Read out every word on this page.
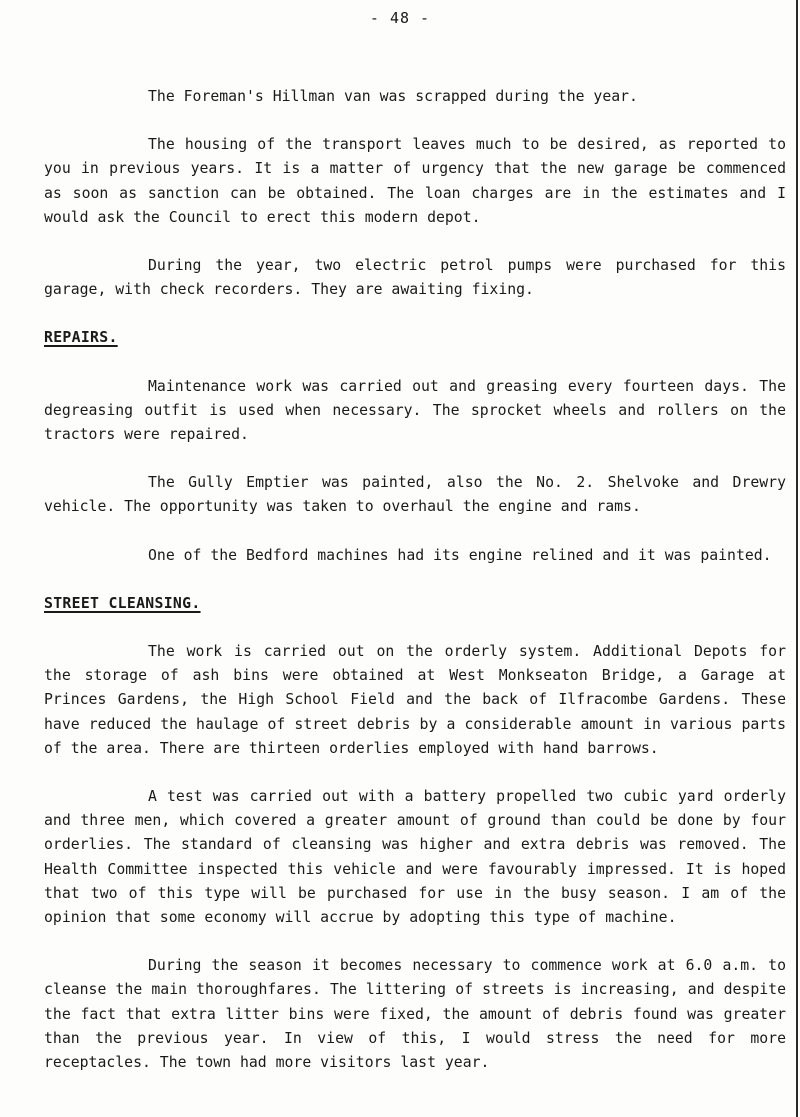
- 48 -

The Foreman's Hillman van was scrapped during the year.

The housing of the transport leaves much to be desired, as reported to you in previous years. It is a matter of urgency that the new garage be commenced as soon as sanction can be obtained. The loan charges are in the estimates and I would ask the Council to erect this modern depot.

During the year, two electric petrol pumps were purchased for this garage, with check recorders. They are awaiting fixing.

REPAIRS.

Maintenance work was carried out and greasing every fourteen days. The degreasing outfit is used when necessary. The sprocket wheels and rollers on the tractors were repaired.

The Gully Emptier was painted, also the No. 2. Shelvoke and Drewry vehicle. The opportunity was taken to overhaul the engine and rams.

One of the Bedford machines had its engine relined and it was painted.

STREET CLEANSING.

The work is carried out on the orderly system. Additional Depots for the storage of ash bins were obtained at West Monkseaton Bridge, a Garage at Princes Gardens, the High School Field and the back of Ilfracombe Gardens. These have reduced the haulage of street debris by a considerable amount in various parts of the area. There are thirteen orderlies employed with hand barrows.

A test was carried out with a battery propelled two cubic yard orderly and three men, which covered a greater amount of ground than could be done by four orderlies. The standard of cleansing was higher and extra debris was removed. The Health Committee inspected this vehicle and were favourably impressed. It is hoped that two of this type will be purchased for use in the busy season. I am of the opinion that some economy will accrue by adopting this type of machine.

During the season it becomes necessary to commence work at 6.0 a.m. to cleanse the main thoroughfares. The littering of streets is increasing, and despite the fact that extra litter bins were fixed, the amount of debris found was greater than the previous year. In view of this, I would stress the need for more receptacles. The town had more visitors last year.
